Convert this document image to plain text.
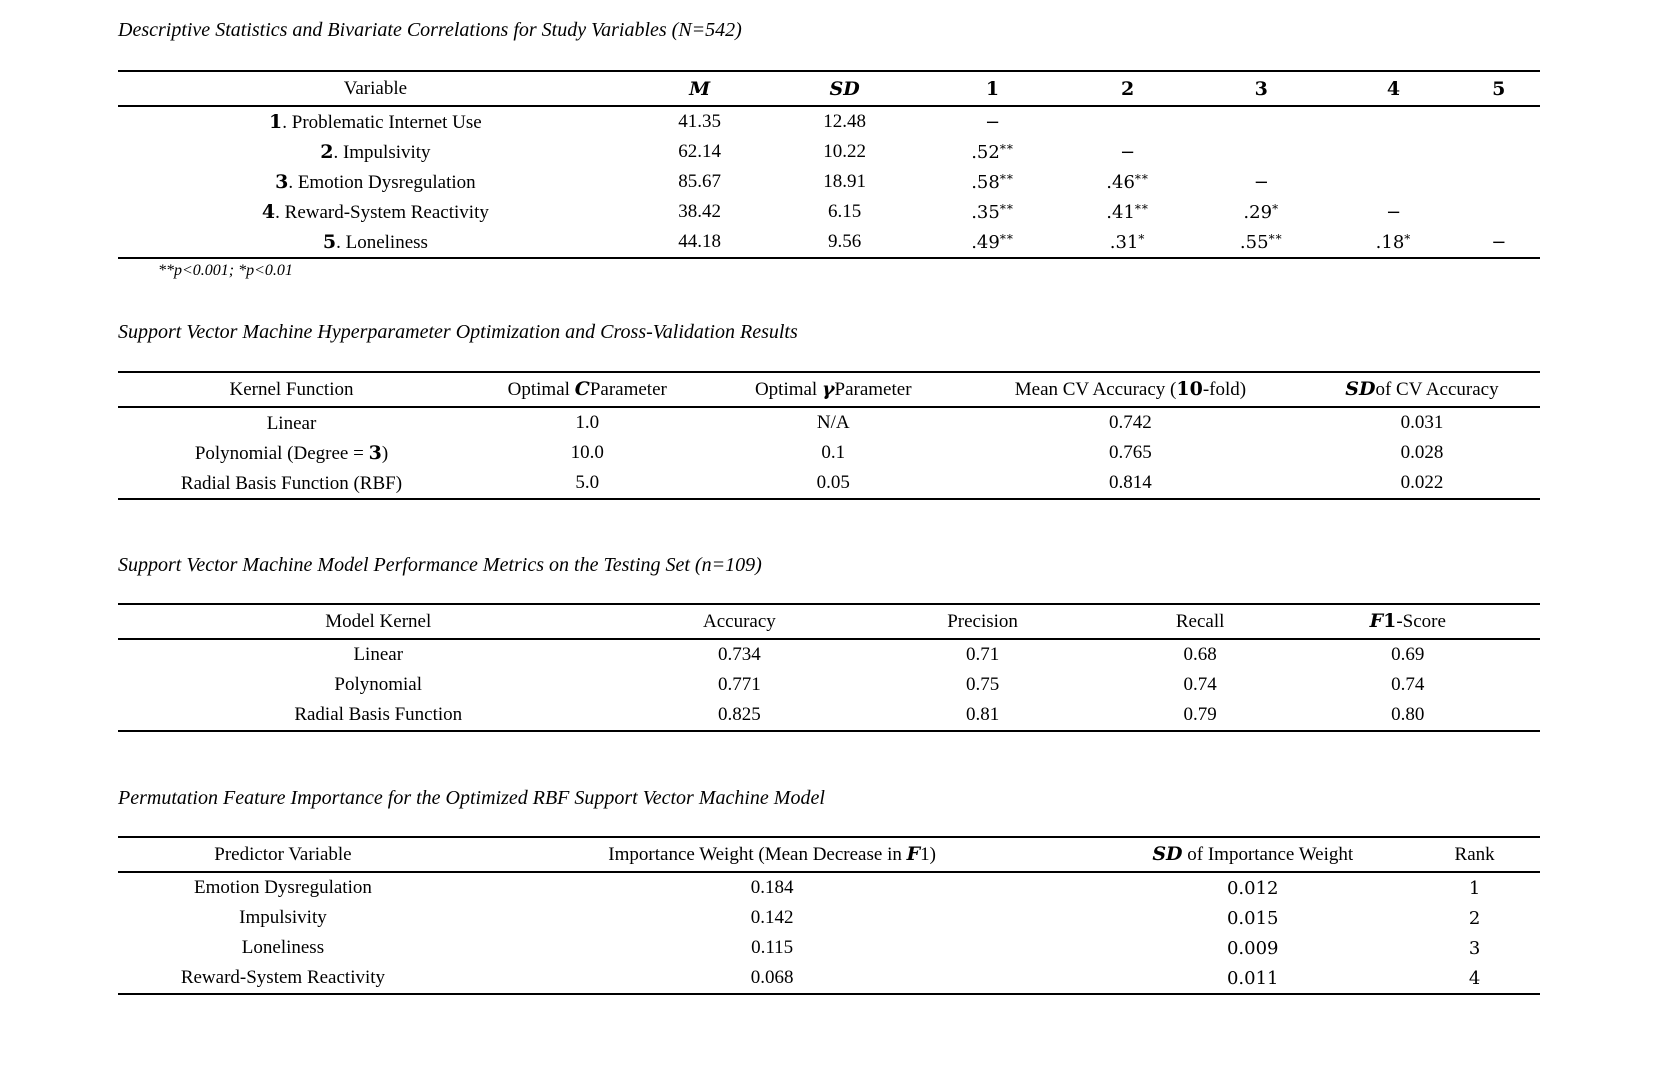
Descriptive Statistics and Bivariate Correlations for Study Variables (N=542)
Variable	M	SD	1	2	3	4	5
1. Problematic Internet Use	41.35	12.48	−				
2. Impulsivity	62.14	10.22	.52**	−			
3. Emotion Dysregulation	85.67	18.91	.58**	.46**	−		
4. Reward-System Reactivity	38.42	6.15	.35**	.41**	.29*	−	
5. Loneliness	44.18	9.56	.49**	.31*	.55**	.18*	−
**p<0.001; *p<0.01
Support Vector Machine Hyperparameter Optimization and Cross-Validation Results
Kernel Function	Optimal CParameter	Optimal γParameter	Mean CV Accuracy (10-fold)	SDof CV Accuracy
Linear	1.0	N/A	0.742	0.031
Polynomial (Degree = 3)	10.0	0.1	0.765	0.028
Radial Basis Function (RBF)	5.0	0.05	0.814	0.022
Support Vector Machine Model Performance Metrics on the Testing Set (n=109)
Model Kernel	Accuracy	Precision	Recall	F1-Score
Linear	0.734	0.71	0.68	0.69
Polynomial	0.771	0.75	0.74	0.74
Radial Basis Function	0.825	0.81	0.79	0.80
Permutation Feature Importance for the Optimized RBF Support Vector Machine Model
Predictor Variable	Importance Weight (Mean Decrease in F1)	SD of Importance Weight	Rank
Emotion Dysregulation	0.184	0.012	1
Impulsivity	0.142	0.015	2
Loneliness	0.115	0.009	3
Reward-System Reactivity	0.068	0.011	4
